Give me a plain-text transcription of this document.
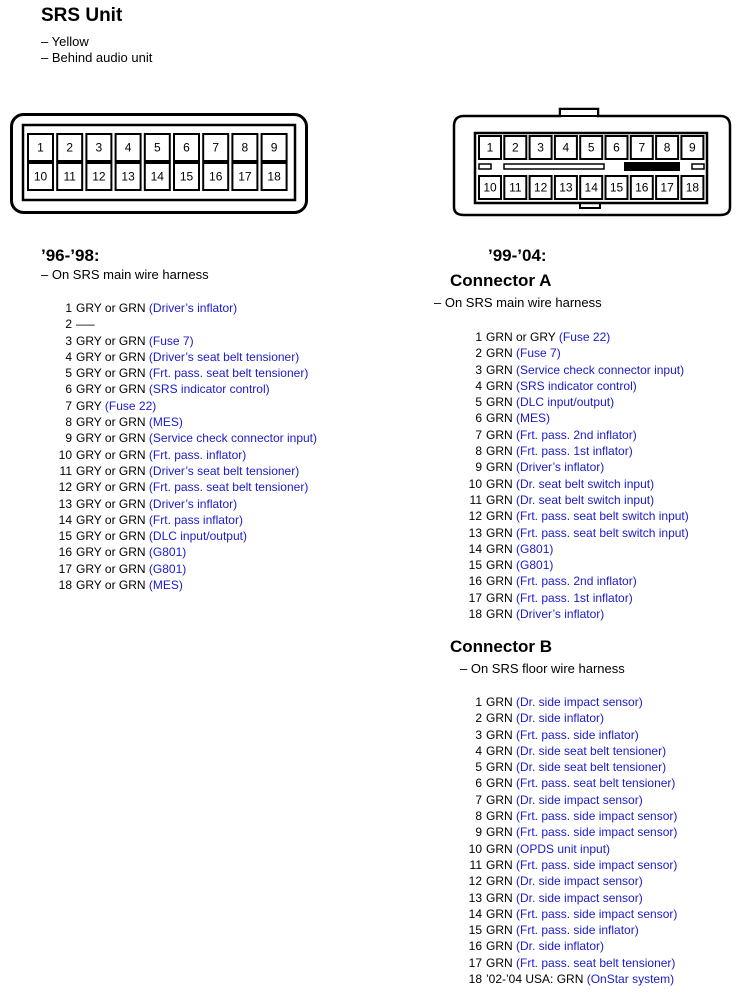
SRS Unit
– Yellow
– Behind audio unit
1 2 3 4 5 6 7 8 9
10 11 12 13 14 15 16 17 18
1 2 3 4 5 6 7 8 9
10 11 12 13 14 15 16 17 18
’96-’98:
– On SRS main wire harness
1 GRY or GRN (Driver’s inflator)
2 —–
3 GRY or GRN (Fuse 7)
4 GRY or GRN (Driver’s seat belt tensioner)
5 GRY or GRN (Frt. pass. seat belt tensioner)
6 GRY or GRN (SRS indicator control)
7 GRY (Fuse 22)
8 GRY or GRN (MES)
9 GRY or GRN (Service check connector input)
10 GRY or GRN (Frt. pass. inflator)
11 GRY or GRN (Driver’s seat belt tensioner)
12 GRY or GRN (Frt. pass. seat belt tensioner)
13 GRY or GRN (Driver’s inflator)
14 GRY or GRN (Frt. pass inflator)
15 GRY or GRN (DLC input/output)
16 GRY or GRN (G801)
17 GRY or GRN (G801)
18 GRY or GRN (MES)
’99-’04:
Connector A
– On SRS main wire harness
1 GRN or GRY (Fuse 22)
2 GRN (Fuse 7)
3 GRN (Service check connector input)
4 GRN (SRS indicator control)
5 GRN (DLC input/output)
6 GRN (MES)
7 GRN (Frt. pass. 2nd inflator)
8 GRN (Frt. pass. 1st inflator)
9 GRN (Driver’s inflator)
10 GRN (Dr. seat belt switch input)
11 GRN (Dr. seat belt switch input)
12 GRN (Frt. pass. seat belt switch input)
13 GRN (Frt. pass. seat belt switch input)
14 GRN (G801)
15 GRN (G801)
16 GRN (Frt. pass. 2nd inflator)
17 GRN (Frt. pass. 1st inflator)
18 GRN (Driver’s inflator)
Connector B
– On SRS floor wire harness
1 GRN (Dr. side impact sensor)
2 GRN (Dr. side inflator)
3 GRN (Frt. pass. side inflator)
4 GRN (Dr. side seat belt tensioner)
5 GRN (Dr. side seat belt tensioner)
6 GRN (Frt. pass. seat belt tensioner)
7 GRN (Dr. side impact sensor)
8 GRN (Frt. pass. side impact sensor)
9 GRN (Frt. pass. side impact sensor)
10 GRN (OPDS unit input)
11 GRN (Frt. pass. side impact sensor)
12 GRN (Dr. side impact sensor)
13 GRN (Dr. side impact sensor)
14 GRN (Frt. pass. side impact sensor)
15 GRN (Frt. pass. side inflator)
16 GRN (Dr. side inflator)
17 GRN (Frt. pass. seat belt tensioner)
18 ’02-’04 USA: GRN (OnStar system)
